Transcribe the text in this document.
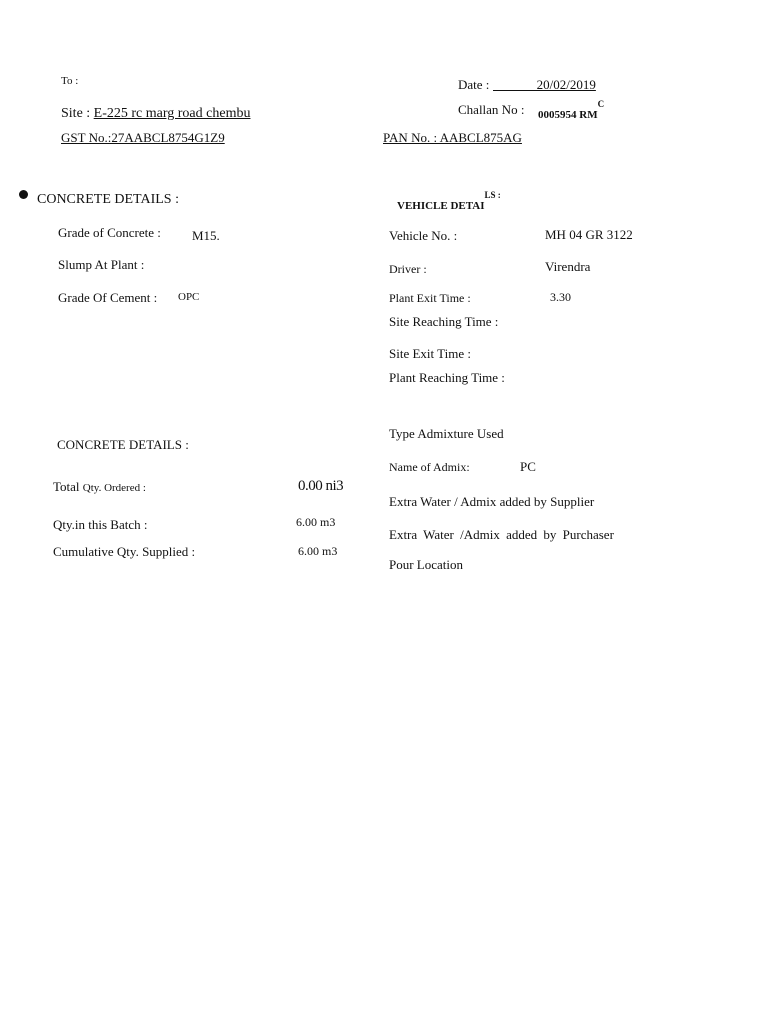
To :
Site : E-225 rc marg road chembu
GST No.:27AABCL8754G1Z9
Date :	20/02/2019
Challan No : 0005954 $RM^C$
PAN No. : AABCL875AG
CONCRETE DETAILS :
Grade of Concrete : M15.
Slump At Plant :
Grade Of Cement : OPC
VEHICLE $DETAI^{LS :}$
Vehicle No. :	MH 04 GR 3122
Driver :	Virendra
Plant Exit Time :	3.30
Site Reaching Time :
Site Exit Time :
Plant Reaching Time :
CONCRETE DETAILS :
Total Qty. Ordered :	0.00 ni3
Qty.in this Batch :	6.00 m3
Cumulative Qty. Supplied :	6.00 m3
Type Admixture Used
Name of Admix:	PC
Extra Water / Admix added by Supplier
Extra Water /Admix added by Purchaser
Pour Location
